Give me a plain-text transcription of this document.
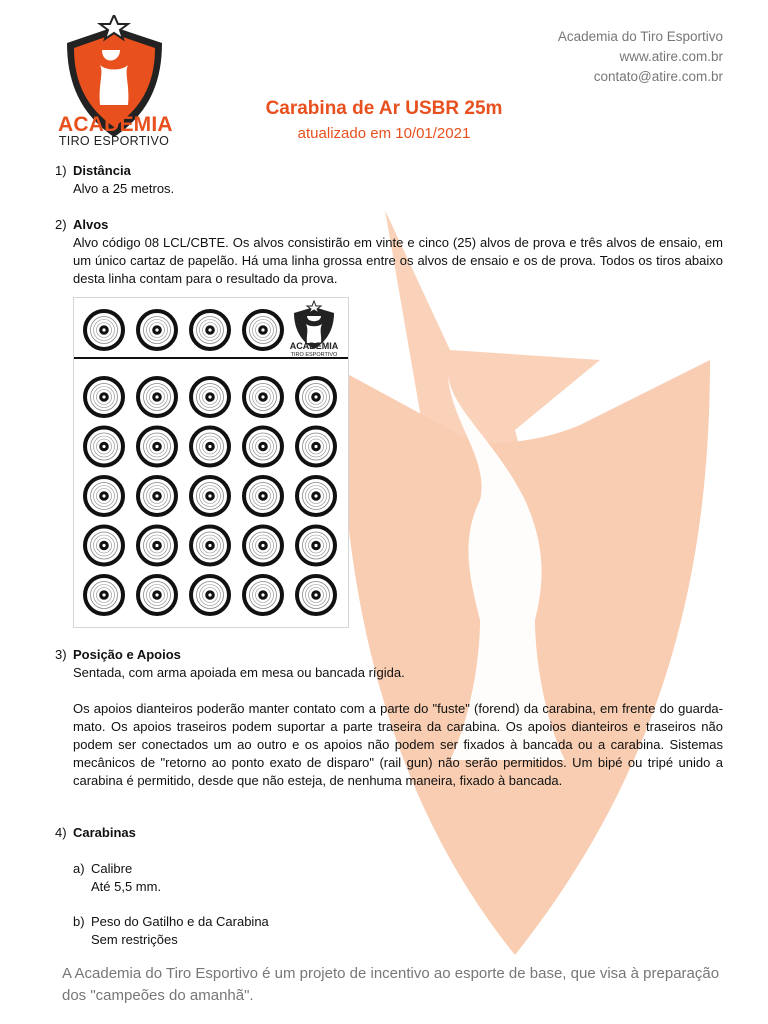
ACADEMIA
TIRO ESPORTIVO
Academia do Tiro Esportivo
www.atire.com.br
contato@atire.com.br
Carabina de Ar USBR 25m
atualizado em 10/01/2021
1) Distância
Alvo a 25 metros.
2) Alvos
Alvo código 08 LCL/CBTE. Os alvos consistirão em vinte e cinco (25) alvos de prova e três alvos de ensaio, em um único cartaz de papelão. Há uma linha grossa entre os alvos de ensaio e os de prova. Todos os tiros abaixo desta linha contam para o resultado da prova.
ACADEMIA
TIRO ESPORTIVO
3) Posição e Apoios
Sentada, com arma apoiada em mesa ou bancada rígida.
Os apoios dianteiros poderão manter contato com a parte do "fuste" (forend) da carabina, em frente do guarda-mato. Os apoios traseiros podem suportar a parte traseira da carabina. Os apoios dianteiros e traseiros não podem ser conectados um ao outro e os apoios não podem ser fixados à bancada ou a carabina. Sistemas mecânicos de "retorno ao ponto exato de disparo" (rail gun) não serão permitidos. Um bipé ou tripé unido a carabina é permitido, desde que não esteja, de nenhuma maneira, fixado à bancada.
4) Carabinas
a) Calibre
Até 5,5 mm.
b) Peso do Gatilho e da Carabina
Sem restrições
A Academia do Tiro Esportivo é um projeto de incentivo ao esporte de base, que visa à preparação dos "campeões do amanhã".
